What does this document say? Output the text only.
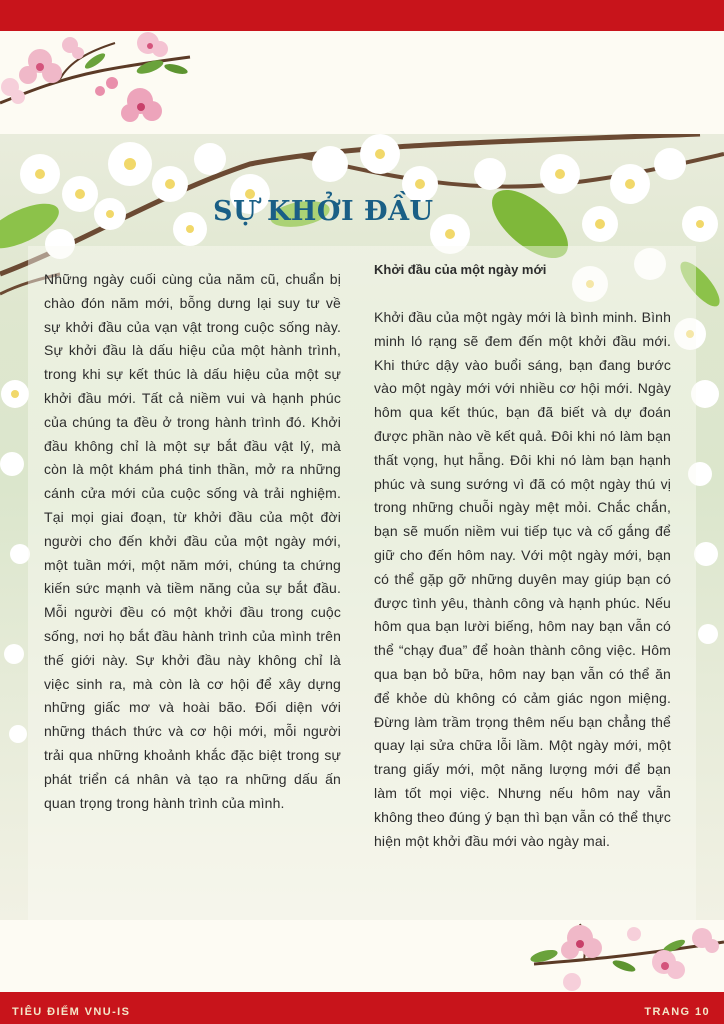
SỰ KHỞI ĐẦU
Những ngày cuối cùng của năm cũ, chuẩn bị chào đón năm mới, bỗng dưng lại suy tư về sự khởi đầu của vạn vật trong cuộc sống này. Sự khởi đầu là dấu hiệu của một hành trình, trong khi sự kết thúc là dấu hiệu của một sự khởi đầu mới. Tất cả niềm vui và hạnh phúc của chúng ta đều ở trong hành trình đó. Khởi đầu không chỉ là một sự bắt đầu vật lý, mà còn là một khám phá tinh thần, mở ra những cánh cửa mới của cuộc sống và trải nghiệm. Tại mọi giai đoạn, từ khởi đầu của một đời người cho đến khởi đầu của một ngày mới, một tuần mới, một năm mới, chúng ta chứng kiến sức mạnh và tiềm năng của sự bắt đầu. Mỗi người đều có một khởi đầu trong cuộc sống, nơi họ bắt đầu hành trình của mình trên thế giới này. Sự khởi đầu này không chỉ là việc sinh ra, mà còn là cơ hội để xây dựng những giấc mơ và hoài bão. Đối diện với những thách thức và cơ hội mới, mỗi người trải qua những khoảnh khắc đặc biệt trong sự phát triển cá nhân và tạo ra những dấu ấn quan trọng trong hành trình của mình.
Khởi đầu của một ngày mới
Khởi đầu của một ngày mới là bình minh. Bình minh ló rạng sẽ đem đến một khởi đầu mới. Khi thức dậy vào buổi sáng, bạn đang bước vào một ngày mới với nhiều cơ hội mới. Ngày hôm qua kết thúc, bạn đã biết và dự đoán được phần nào về kết quả. Đôi khi nó làm bạn thất vọng, hụt hẫng. Đôi khi nó làm bạn hạnh phúc và sung sướng vì đã có một ngày thú vị trong những chuỗi ngày mệt mỏi. Chắc chắn, bạn sẽ muốn niềm vui tiếp tục và cố gắng để giữ cho đến hôm nay. Với một ngày mới, bạn có thể gặp gỡ những duyên may giúp bạn có được tình yêu, thành công và hạnh phúc. Nếu hôm qua bạn lười biếng, hôm nay bạn vẫn có thể “chạy đua” để hoàn thành công việc. Hôm qua bạn bỏ bữa, hôm nay bạn vẫn có thể ăn để khỏe dù không có cảm giác ngon miệng. Đừng làm trầm trọng thêm nếu bạn chẳng thể quay lại sửa chữa lỗi lầm. Một ngày mới, một trang giấy mới, một năng lượng mới để bạn làm tốt mọi việc. Nhưng nếu hôm nay vẫn không theo đúng ý bạn thì bạn vẫn có thể thực hiện một khởi đầu mới vào ngày mai.
TIÊU ĐIỂM VNU-IS	TRANG 10
